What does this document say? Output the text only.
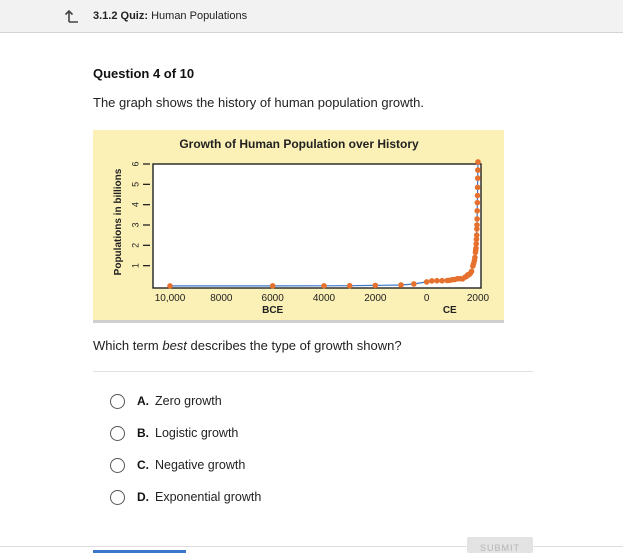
3.1.2 Quiz: Human Populations
Question 4 of 10
The graph shows the history of human population growth.
Growth of Human Population over History
Populations in billions 1
2
3
4
5
6
10,000 8000	6000	4000	2000	0	2000
BCE	CE
Which term best describes the type of growth shown?
A. Zero growth
B. Logistic growth
C. Negative growth
D. Exponential growth
SUBMIT
